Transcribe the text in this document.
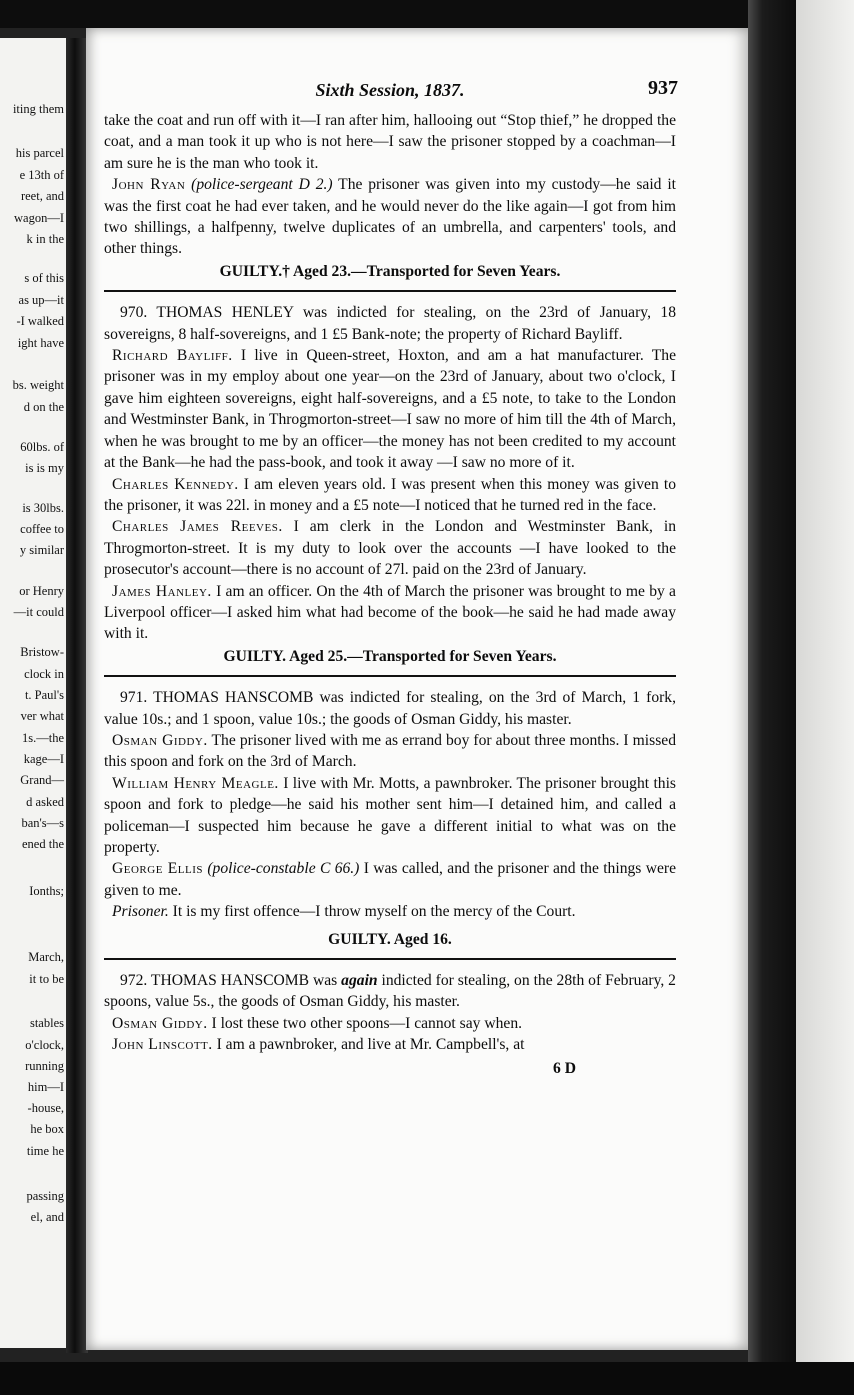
iting them
his parcel
e 13th of
reet, and
wagon—I
k in the
s of this
as up—it
-I walked
ight have
bs. weight
d on the
60lbs. of
is is my
is 30lbs.
coffee to
y similar
or Henry
—it could
Bristow-
clock in
t. Paul's
ver what
1s.—the
kage—I
Grand—
d asked
ban's—s
ened the
Ionths;
March,
it to be
stables
o'clock,
running
him—I
-house,
he box
time he
passing
el, and
Sixth Session, 1837.	937

take the coat and run off with it—I ran after him, hallooing out “Stop thief,” he dropped the coat, and a man took it up who is not here—I saw the prisoner stopped by a coachman—I am sure he is the man who took it.

John Ryan (police-sergeant D 2.) The prisoner was given into my custody—he said it was the first coat he had ever taken, and he would never do the like again—I got from him two shillings, a halfpenny, twelve duplicates of an umbrella, and carpenters' tools, and other things.

GUILTY.† Aged 23.—Transported for Seven Years.

970. THOMAS HENLEY was indicted for stealing, on the 23rd of January, 18 sovereigns, 8 half-sovereigns, and 1 £5 Bank-note; the property of Richard Bayliff.

Richard Bayliff. I live in Queen-street, Hoxton, and am a hat manufacturer. The prisoner was in my employ about one year—on the 23rd of January, about two o'clock, I gave him eighteen sovereigns, eight half-sovereigns, and a £5 note, to take to the London and Westminster Bank, in Throgmorton-street—I saw no more of him till the 4th of March, when he was brought to me by an officer—the money has not been credited to my account at the Bank—he had the pass-book, and took it away —I saw no more of it.

Charles Kennedy. I am eleven years old. I was present when this money was given to the prisoner, it was 22l. in money and a £5 note—I noticed that he turned red in the face.

Charles James Reeves. I am clerk in the London and Westminster Bank, in Throgmorton-street. It is my duty to look over the accounts —I have looked to the prosecutor's account—there is no account of 27l. paid on the 23rd of January.

James Hanley. I am an officer. On the 4th of March the prisoner was brought to me by a Liverpool officer—I asked him what had become of the book—he said he had made away with it.

GUILTY. Aged 25.—Transported for Seven Years.

971. THOMAS HANSCOMB was indicted for stealing, on the 3rd of March, 1 fork, value 10s.; and 1 spoon, value 10s.; the goods of Osman Giddy, his master.

Osman Giddy. The prisoner lived with me as errand boy for about three months. I missed this spoon and fork on the 3rd of March.

William Henry Meagle. I live with Mr. Motts, a pawnbroker. The prisoner brought this spoon and fork to pledge—he said his mother sent him—I detained him, and called a policeman—I suspected him because he gave a different initial to what was on the property.

George Ellis (police-constable C 66.) I was called, and the prisoner and the things were given to me.

Prisoner. It is my first offence—I throw myself on the mercy of the Court.

GUILTY. Aged 16.

972. THOMAS HANSCOMB was again indicted for stealing, on the 28th of February, 2 spoons, value 5s., the goods of Osman Giddy, his master.

Osman Giddy. I lost these two other spoons—I cannot say when.

John Linscott. I am a pawnbroker, and live at Mr. Campbell's, at

6 D
